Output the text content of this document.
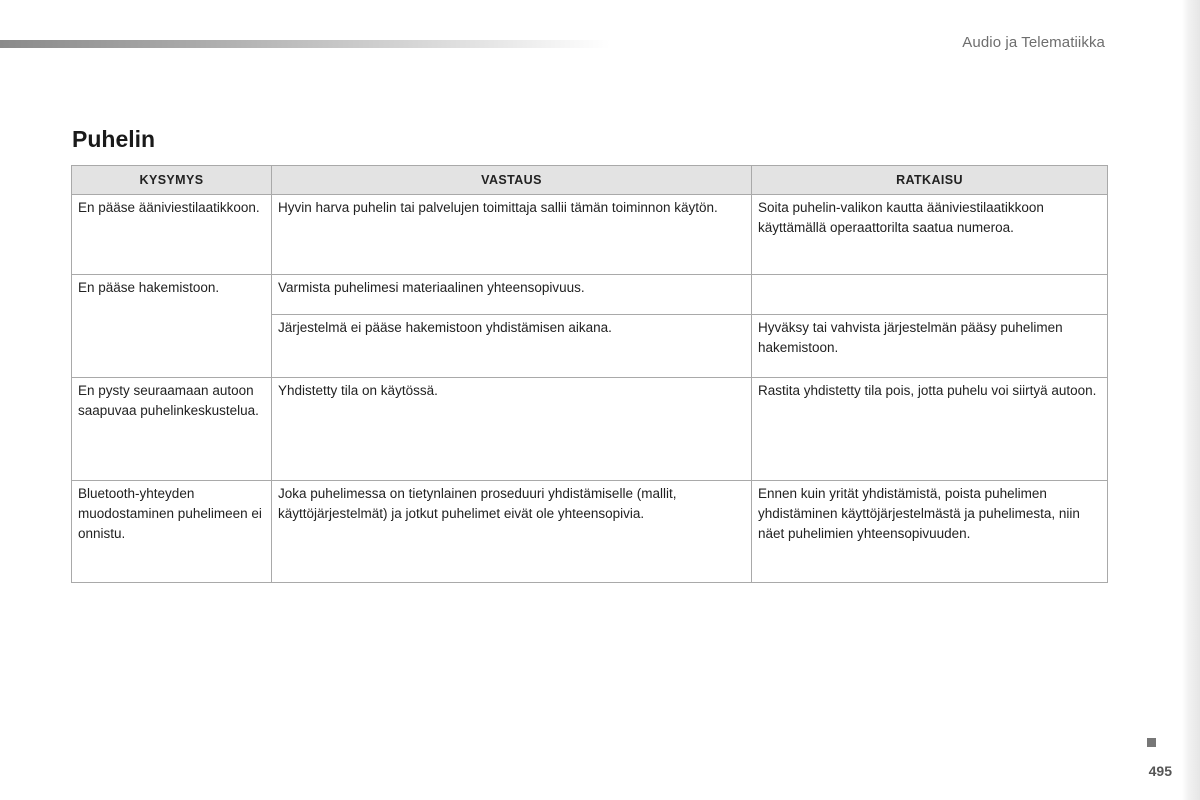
Audio ja Telematiikka
Puhelin
KYSYMYS	VASTAUS	RATKAISU
En pääse ääniviestilaatikkoon.	Hyvin harva puhelin tai palvelujen toimittaja sallii tämän toiminnon käytön.	Soita puhelin-valikon kautta ääniviestilaatikkoon käyttämällä operaattorilta saatua numeroa.
En pääse hakemistoon.	Varmista puhelimesi materiaalinen yhteensopivuus.	
	Järjestelmä ei pääse hakemistoon yhdistämisen aikana.	Hyväksy tai vahvista järjestelmän pääsy puhelimen hakemistoon.
En pysty seuraamaan autoon saapuvaa puhelinkeskustelua.	Yhdistetty tila on käytössä.	Rastita yhdistetty tila pois, jotta puhelu voi siirtyä autoon.
Bluetooth-yhteyden muodostaminen puhelimeen ei onnistu.	Joka puhelimessa on tietynlainen proseduuri yhdistämiselle (mallit, käyttöjärjestelmät) ja jotkut puhelimet eivät ole yhteensopivia.	Ennen kuin yrität yhdistämistä, poista puhelimen yhdistäminen käyttöjärjestelmästä ja puhelimesta, niin näet puhelimien yhteensopivuuden.
495
